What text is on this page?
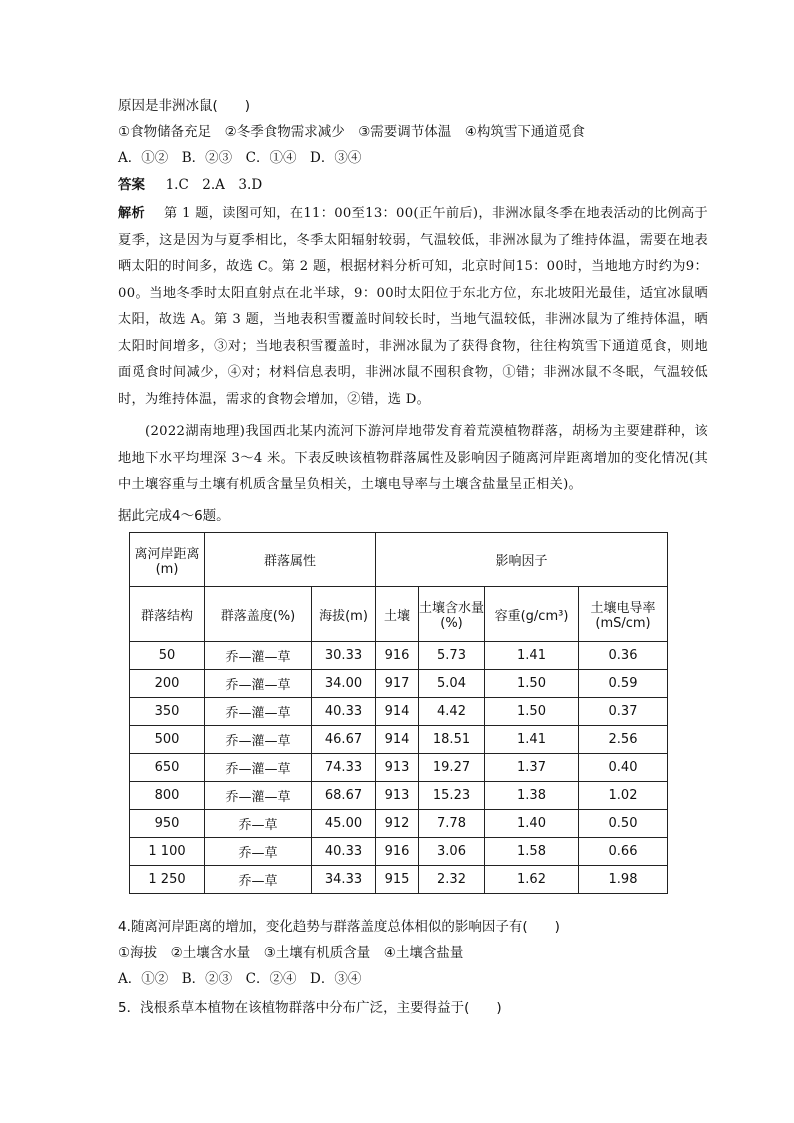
原因是非洲冰鼠(　　)
①食物储备充足　②冬季食物需求减少　③需要调节体温　④构筑雪下通道觅食
A．①②　B．②③　C．①④　D．③④
答案 1.C　2.A　3.D
解析 第 1 题，读图可知，在11：00至13：00(正午前后)，非洲冰鼠冬季在地表活动的比例高于夏季，这是因为与夏季相比，冬季太阳辐射较弱，气温较低，非洲冰鼠为了维持体温，需要在地表晒太阳的时间多，故选 C。第 2 题，根据材料分析可知，北京时间15：00时，当地地方时约为9：00。当地冬季时太阳直射点在北半球，9：00时太阳位于东北方位，东北坡阳光最佳，适宜冰鼠晒太阳，故选 A。第 3 题，当地表积雪覆盖时间较长时，当地气温较低，非洲冰鼠为了维持体温，晒太阳时间增多，③对；当地表积雪覆盖时，非洲冰鼠为了获得食物，往往构筑雪下通道觅食，则地面觅食时间减少，④对；材料信息表明，非洲冰鼠不囤积食物，①错；非洲冰鼠不冬眠，气温较低时，为维持体温，需求的食物会增加，②错，选 D。
(2022湖南地理)我国西北某内流河下游河岸地带发育着荒漠植物群落，胡杨为主要建群种，该地地下水平均埋深 3～4 米。下表反映该植物群落属性及影响因子随离河岸距离增加的变化情况(其中土壤容重与土壤有机质含量呈负相关，土壤电导率与土壤含盐量呈正相关)。
据此完成4～6题。
离河岸距离(m)	群落属性		影响因子			
群落结构	群落盖度(%)	海拔(m)	土壤	土壤含水量(%)	容重(g/cm³)	土壤电导率(mS/cm)
50	乔—灌—草	30.33	916	5.73	1.41	0.36
200	乔—灌—草	34.00	917	5.04	1.50	0.59
350	乔—灌—草	40.33	914	4.42	1.50	0.37
500	乔—灌—草	46.67	914	18.51	1.41	2.56
650	乔—灌—草	74.33	913	19.27	1.37	0.40
800	乔—灌—草	68.67	913	15.23	1.38	1.02
950	乔—草	45.00	912	7.78	1.40	0.50
1 100	乔—草	40.33	916	3.06	1.58	0.66
1 250	乔—草	34.33	915	2.32	1.62	1.98
4.随离河岸距离的增加，变化趋势与群落盖度总体相似的影响因子有(　　)
①海拔　②土壤含水量　③土壤有机质含量　④土壤含盐量
A．①②　B．②③　C．②④　D．③④
5．浅根系草本植物在该植物群落中分布广泛，主要得益于(　　)
